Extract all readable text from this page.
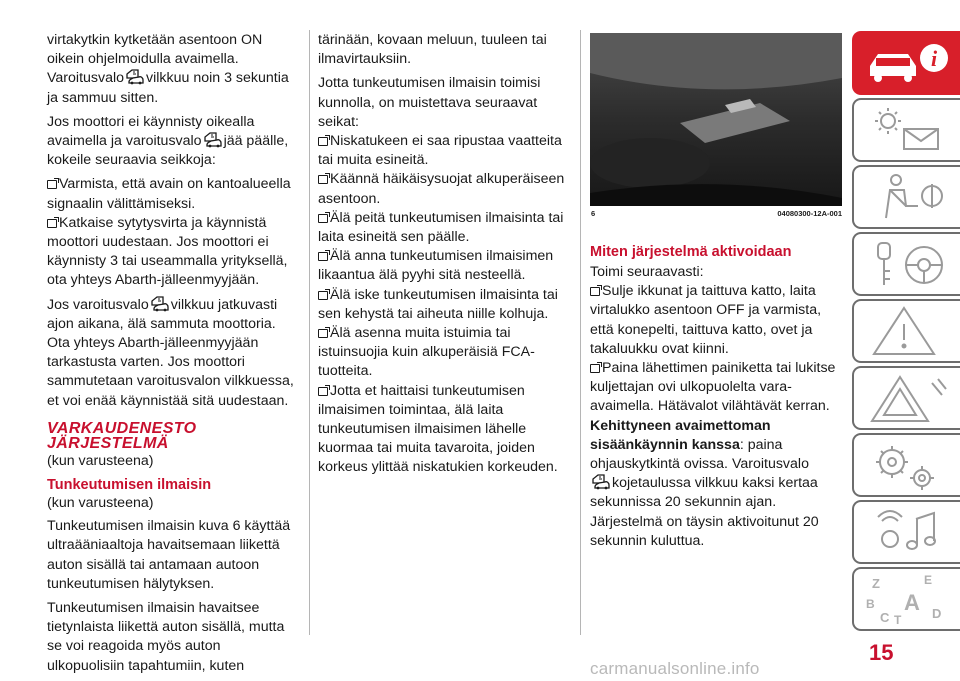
virtakytkin kytketään asentoon ON oikein ohjelmoidulla avaimella. Varoitusvalo vilkkuu noin 3 sekuntia ja sammuu sitten.

Jos moottori ei käynnisty oikealla avaimella ja varoitusvalo jää päälle, kokeile seuraavia seikkoja:

Varmista, että avain on kantoalueella signaalin välittämiseksi.

Katkaise sytytysvirta ja käynnistä moottori uudestaan. Jos moottori ei käynnisty 3 tai useammalla yrityksellä, ota yhteys Abarth-jälleenmyyjään.

Jos varoitusvalo vilkkuu jatkuvasti ajon aikana, älä sammuta moottoria. Ota yhteys Abarth-jälleenmyyjään tarkastusta varten. Jos moottori sammutetaan varoitusvalon vilkkuessa, et voi enää käynnistää sitä uudestaan.

VARKAUDENESTO
JÄRJESTELMÄ
(kun varusteena)
Tunkeutumisen ilmaisin
(kun varusteena)

Tunkeutumisen ilmaisin kuva 6 käyttää ultraääniaaltoja havaitsemaan liikettä auton sisällä tai antamaan autoon tunkeutumisen hälytyksen.

Tunkeutumisen ilmaisin havaitsee tietynlaista liikettä auton sisällä, mutta se voi reagoida myös auton ulkopuolisiin tapahtumiin, kuten

tärinään, kovaan meluun, tuuleen tai ilmavirtauksiin.

Jotta tunkeutumisen ilmaisin toimisi kunnolla, on muistettava seuraavat seikat:

Niskatukeen ei saa ripustaa vaatteita tai muita esineitä.

Käännä häikäisysuojat alkuperäiseen asentoon.

Älä peitä tunkeutumisen ilmaisinta tai laita esineitä sen päälle.

Älä anna tunkeutumisen ilmaisimen likaantua älä pyyhi sitä nesteellä.

Älä iske tunkeutumisen ilmaisinta tai sen kehystä tai aiheuta niille kolhuja.

Älä asenna muita istuimia tai istuinsuojia kuin alkuperäisiä FCA-tuotteita.

Jotta et haittaisi tunkeutumisen ilmaisimen toimintaa, älä laita tunkeutumisen ilmaisimen lähelle kuormaa tai muita tavaroita, joiden korkeus ylittää niskatukien korkeuden.

6	04080300-12A-001
Miten järjestelmä aktivoidaan

Toimi seuraavasti:

Sulje ikkunat ja taittuva katto, laita virtalukko asentoon OFF ja varmista, että konepelti, taittuva katto, ovet ja takaluukku ovat kiinni.

Paina lähettimen painiketta tai lukitse kuljettajan ovi ulkopuolelta vara-avaimella. Hätävalot vilähtävät kerran. Kehittyneen avaimettoman sisäänkäynnin kanssa: paina ohjauskytkintä ovissa. Varoitusvalo
kojetaulussa vilkkuu kaksi kertaa sekunnissa 20 sekunnin ajan.

Järjestelmä on täysin aktivoitunut 20 sekunnin kuluttua.

i
Z	E
B A
C T D
15
carmanualsonline.info
